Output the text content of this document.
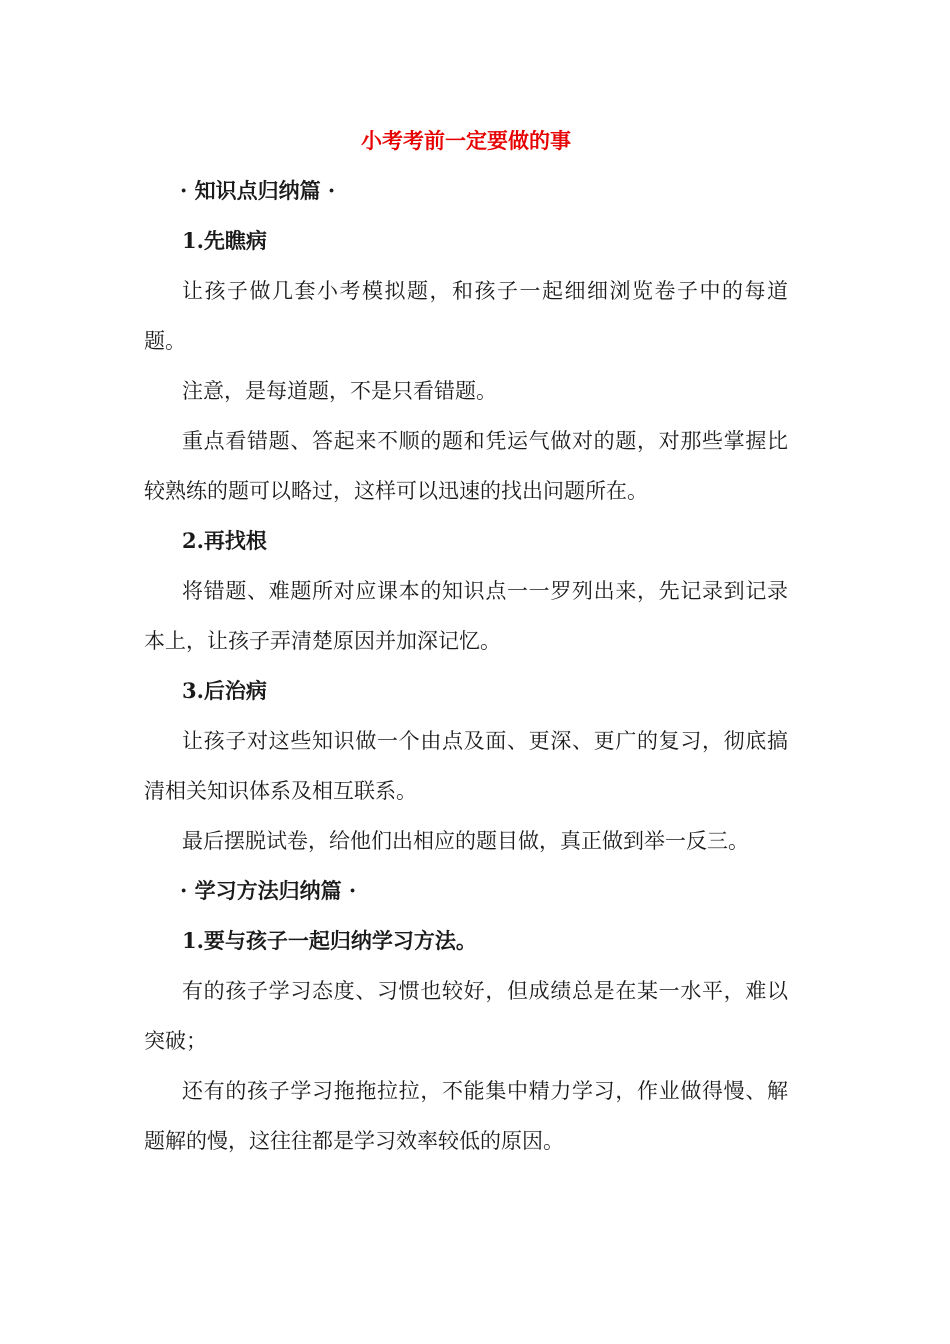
小考考前一定要做的事

· 知识点归纳篇 ·

1.先瞧病

让孩子做几套小考模拟题，和孩子一起细细浏览卷子中的每道题。

注意，是每道题，不是只看错题。

重点看错题、答起来不顺的题和凭运气做对的题，对那些掌握比较熟练的题可以略过，这样可以迅速的找出问题所在。

2.再找根

将错题、难题所对应课本的知识点一一罗列出来，先记录到记录本上，让孩子弄清楚原因并加深记忆。

3.后治病

让孩子对这些知识做一个由点及面、更深、更广的复习，彻底搞清相关知识体系及相互联系。

最后摆脱试卷，给他们出相应的题目做，真正做到举一反三。

· 学习方法归纳篇 ·

1.要与孩子一起归纳学习方法。

有的孩子学习态度、习惯也较好，但成绩总是在某一水平，难以突破；

还有的孩子学习拖拖拉拉，不能集中精力学习，作业做得慢、解题解的慢，这往往都是学习效率较低的原因。
